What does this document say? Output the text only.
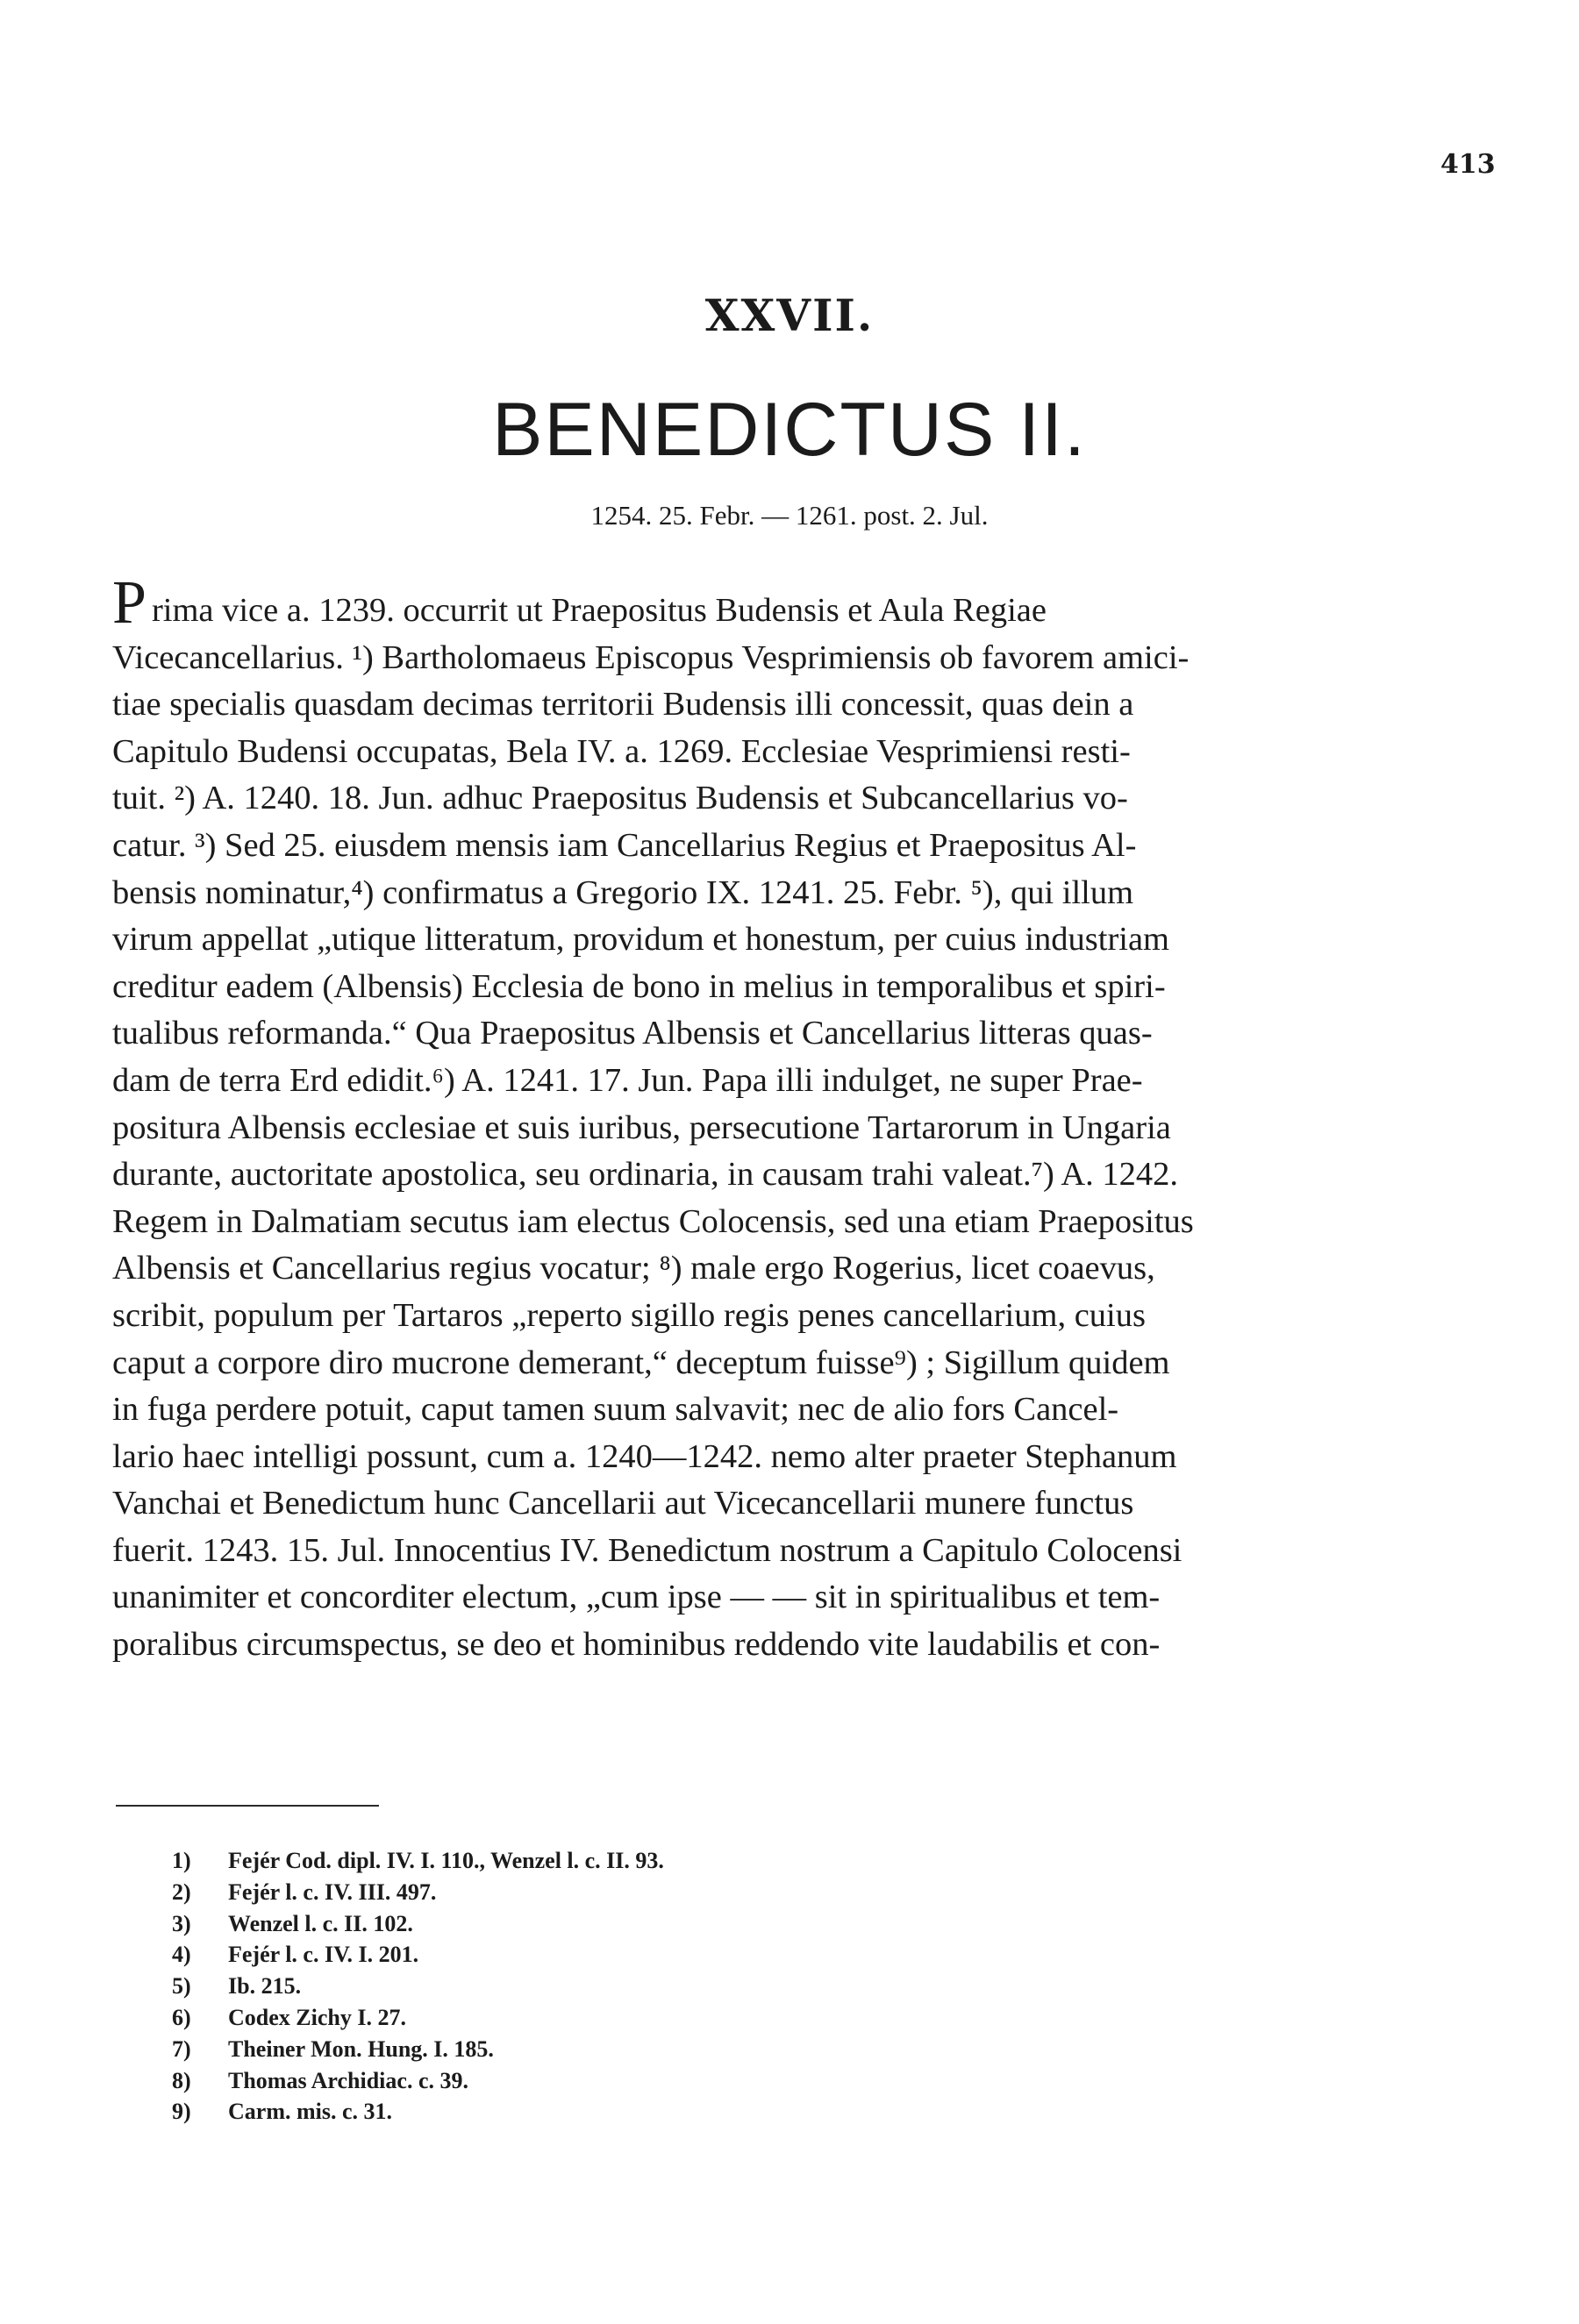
413
XXVII.
BENEDICTUS II.
1254. 25. Febr. — 1261. post. 2. Jul.
Prima vice a. 1239. occurrit ut Praepositus Budensis et Aula Regiae
Vicecancellarius. ¹) Bartholomaeus Episcopus Vesprimiensis ob favorem amici-
tiae specialis quasdam decimas territorii Budensis illi concessit, quas dein a
Capitulo Budensi occupatas, Bela IV. a. 1269. Ecclesiae Vesprimiensi resti-
tuit. ²) A. 1240. 18. Jun. adhuc Praepositus Budensis et Subcancellarius vo-
catur. ³) Sed 25. eiusdem mensis iam Cancellarius Regius et Praepositus Al-
bensis nominatur,⁴) confirmatus a Gregorio IX. 1241. 25. Febr. ⁵), qui illum
virum appellat „utique litteratum, providum et honestum, per cuius industriam
creditur eadem (Albensis) Ecclesia de bono in melius in temporalibus et spiri-
tualibus reformanda.“ Qua Praepositus Albensis et Cancellarius litteras quas-
dam de terra Erd edidit.⁶) A. 1241. 17. Jun. Papa illi indulget, ne super Prae-
positura Albensis ecclesiae et suis iuribus, persecutione Tartarorum in Ungaria
durante, auctoritate apostolica, seu ordinaria, in causam trahi valeat.⁷) A. 1242.
Regem in Dalmatiam secutus iam electus Colocensis, sed una etiam Praepositus
Albensis et Cancellarius regius vocatur; ⁸) male ergo Rogerius, licet coaevus,
scribit, populum per Tartaros „reperto sigillo regis penes cancellarium, cuius
caput a corpore diro mucrone demerant,“ deceptum fuisse⁹) ; Sigillum quidem
in fuga perdere potuit, caput tamen suum salvavit; nec de alio fors Cancel-
lario haec intelligi possunt, cum a. 1240—1242. nemo alter praeter Stephanum
Vanchai et Benedictum hunc Cancellarii aut Vicecancellarii munere functus
fuerit. 1243. 15. Jul. Innocentius IV. Benedictum nostrum a Capitulo Colocensi
unanimiter et concorditer electum, „cum ipse — — sit in spiritualibus et tem-
poralibus circumspectus, se deo et hominibus reddendo vite laudabilis et con-
1) Fejér Cod. dipl. IV. I. 110., Wenzel l. c. II. 93.
2) Fejér l. c. IV. III. 497.
3) Wenzel l. c. II. 102.
4) Fejér l. c. IV. I. 201.
5) Ib. 215.
6) Codex Zichy I. 27.
7) Theiner Mon. Hung. I. 185.
8) Thomas Archidiac. c. 39.
9) Carm. mis. c. 31.
